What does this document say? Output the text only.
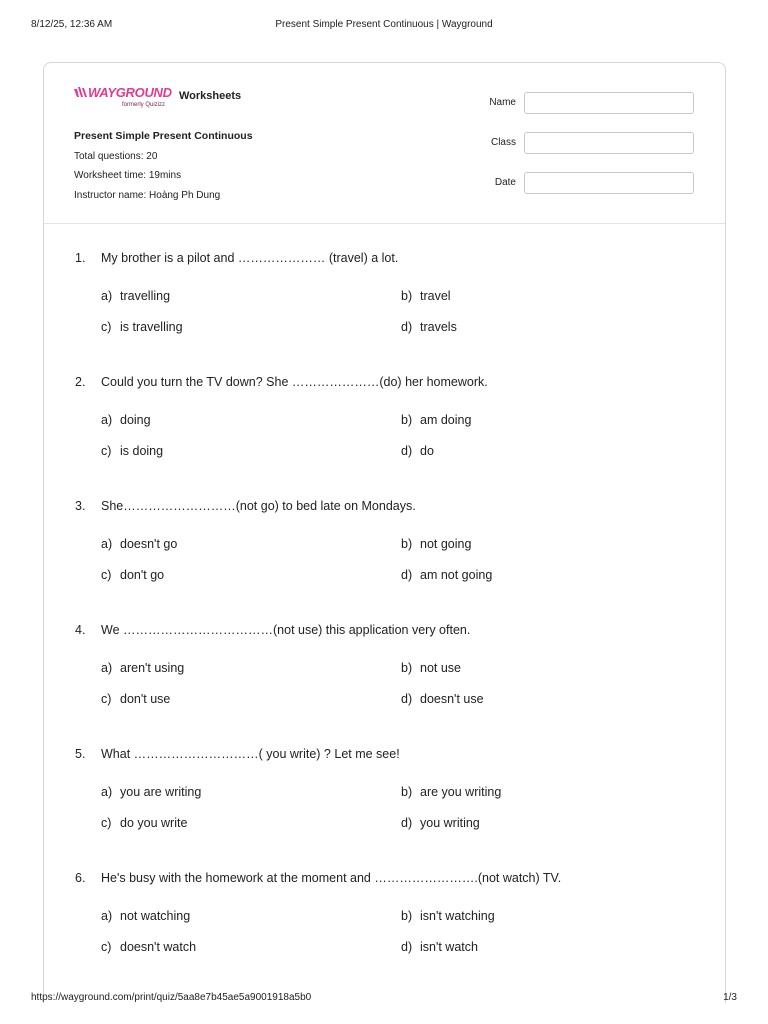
8/12/25, 12:36 AM	Present Simple Present Continuous | Wayground
WAYGROUND
formerly Quizizz
Worksheets
Present Simple Present Continuous
Total questions: 20
Worksheet time: 19mins
Instructor name: Hoàng Ph Dung
Name
Class
Date
1. My brother is a pilot and ………………… (travel) a lot.
a) travelling	b) travel
c) is travelling	d) travels
2. Could you turn the TV down? She …………………(do) her homework.
a) doing	b) am doing
c) is doing	d) do
3. She………………………(not go) to bed late on Mondays.
a) doesn't go	b) not going
c) don't go	d) am not going
4. We ………………………………(not use) this application very often.
a) aren't using	b) not use
c) don't use	d) doesn't use
5. What …………………………( you write) ? Let me see!
a) you are writing	b) are you writing
c) do you write	d) you writing
6. He's busy with the homework at the moment and …………………….(not watch) TV.
a) not watching	b) isn't watching
c) doesn't watch	d) isn't watch
https://wayground.com/print/quiz/5aa8e7b45ae5a9001918a5b0	1/3
